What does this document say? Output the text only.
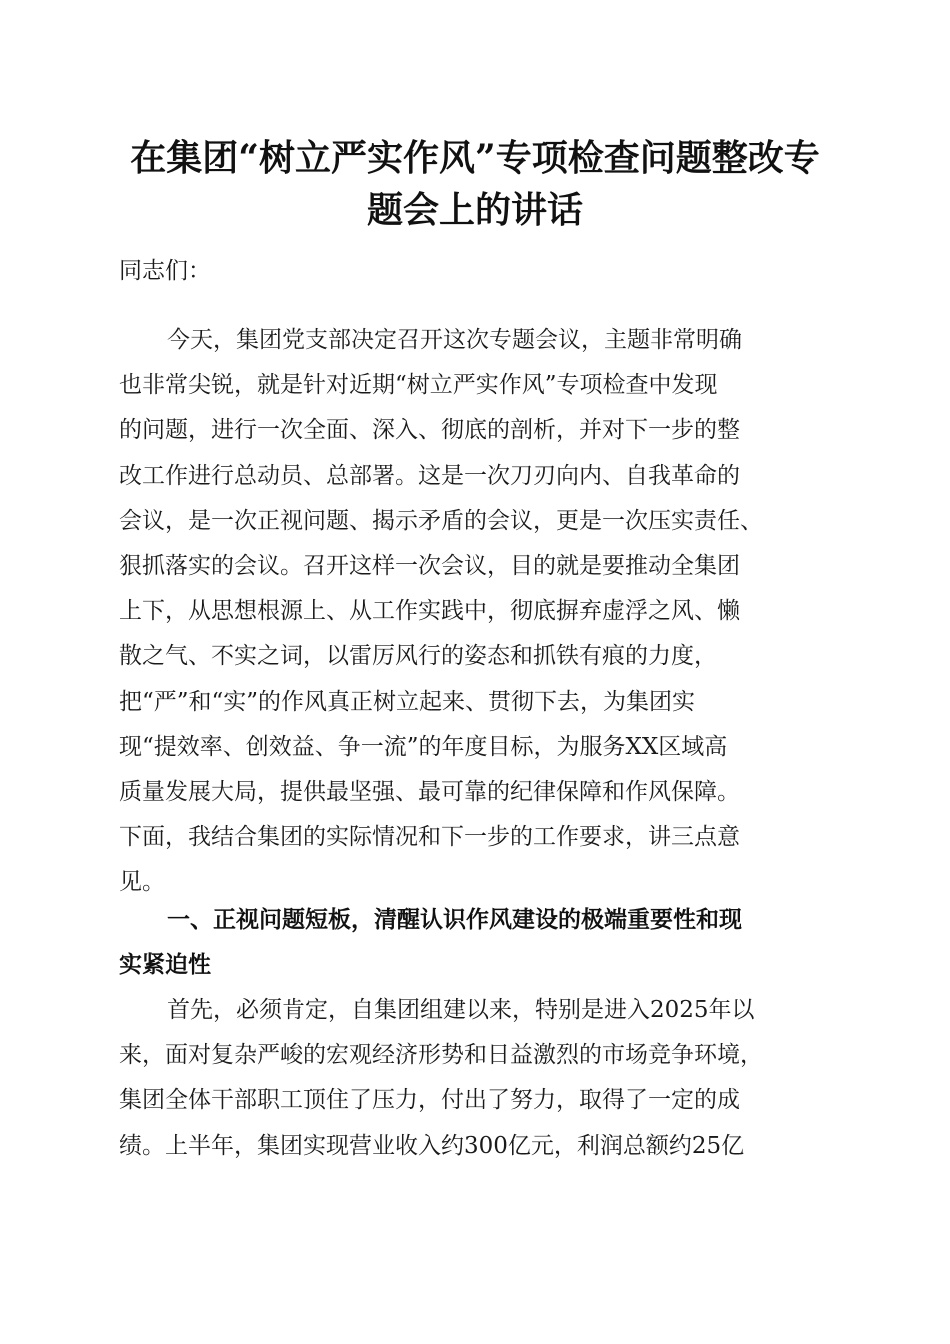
在集团“树立严实作风”专项检查问题整改专
题会上的讲话
同志们：
今天，集团党支部决定召开这次专题会议，主题非常明确
也非常尖锐，就是针对近期“树立严实作风”专项检查中发现
的问题，进行一次全面、深入、彻底的剖析，并对下一步的整
改工作进行总动员、总部署。这是一次刀刃向内、自我革命的
会议，是一次正视问题、揭示矛盾的会议，更是一次压实责任、
狠抓落实的会议。召开这样一次会议，目的就是要推动全集团
上下，从思想根源上、从工作实践中，彻底摒弃虚浮之风、懒
散之气、不实之词，以雷厉风行的姿态和抓铁有痕的力度，
把“严”和“实”的作风真正树立起来、贯彻下去，为集团实
现“提效率、创效益、争一流”的年度目标，为服务XX区域高
质量发展大局，提供最坚强、最可靠的纪律保障和作风保障。
下面，我结合集团的实际情况和下一步的工作要求，讲三点意
见。
一、正视问题短板，清醒认识作风建设的极端重要性和现
实紧迫性
首先，必须肯定，自集团组建以来，特别是进入2025年以
来，面对复杂严峻的宏观经济形势和日益激烈的市场竞争环境，
集团全体干部职工顶住了压力，付出了努力，取得了一定的成
绩。上半年，集团实现营业收入约300亿元，利润总额约25亿
